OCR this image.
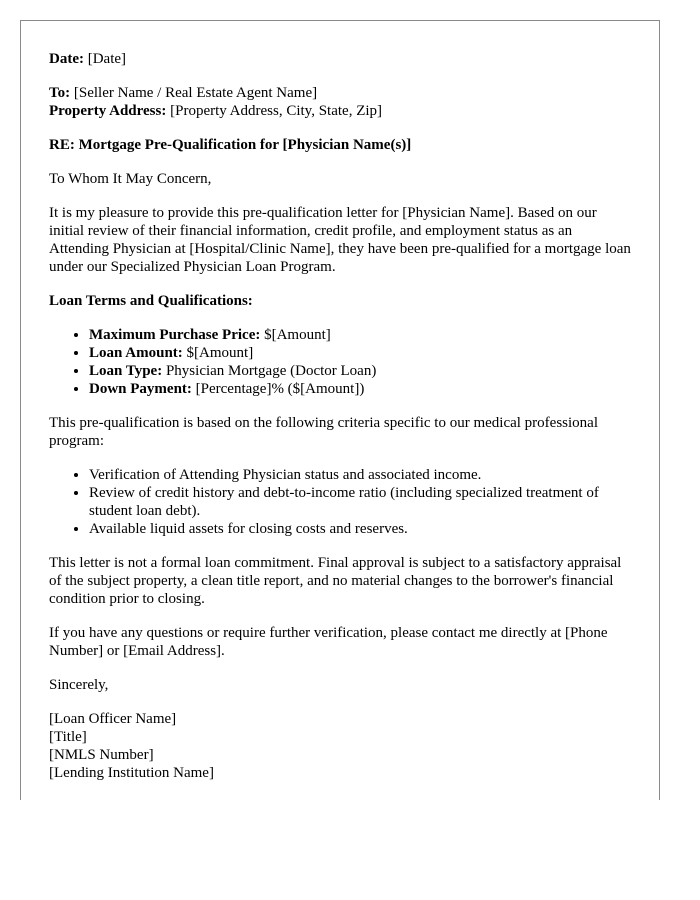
Date: [Date]

To: [Seller Name / Real Estate Agent Name]
Property Address: [Property Address, City, State, Zip]

RE: Mortgage Pre-Qualification for [Physician Name(s)]

To Whom It May Concern,

It is my pleasure to provide this pre-qualification letter for [Physician Name]. Based on our initial review of their financial information, credit profile, and employment status as an Attending Physician at [Hospital/Clinic Name], they have been pre-qualified for a mortgage loan under our Specialized Physician Loan Program.

Loan Terms and Qualifications:

• Maximum Purchase Price: $[Amount]
• Loan Amount: $[Amount]
• Loan Type: Physician Mortgage (Doctor Loan)
• Down Payment: [Percentage]% ($[Amount])

This pre-qualification is based on the following criteria specific to our medical professional program:

• Verification of Attending Physician status and associated income.
• Review of credit history and debt-to-income ratio (including specialized treatment of student loan debt).
• Available liquid assets for closing costs and reserves.

This letter is not a formal loan commitment. Final approval is subject to a satisfactory appraisal of the subject property, a clean title report, and no material changes to the borrower's financial condition prior to closing.

If you have any questions or require further verification, please contact me directly at [Phone Number] or [Email Address].

Sincerely,

[Loan Officer Name]
[Title]
[NMLS Number]
[Lending Institution Name]
